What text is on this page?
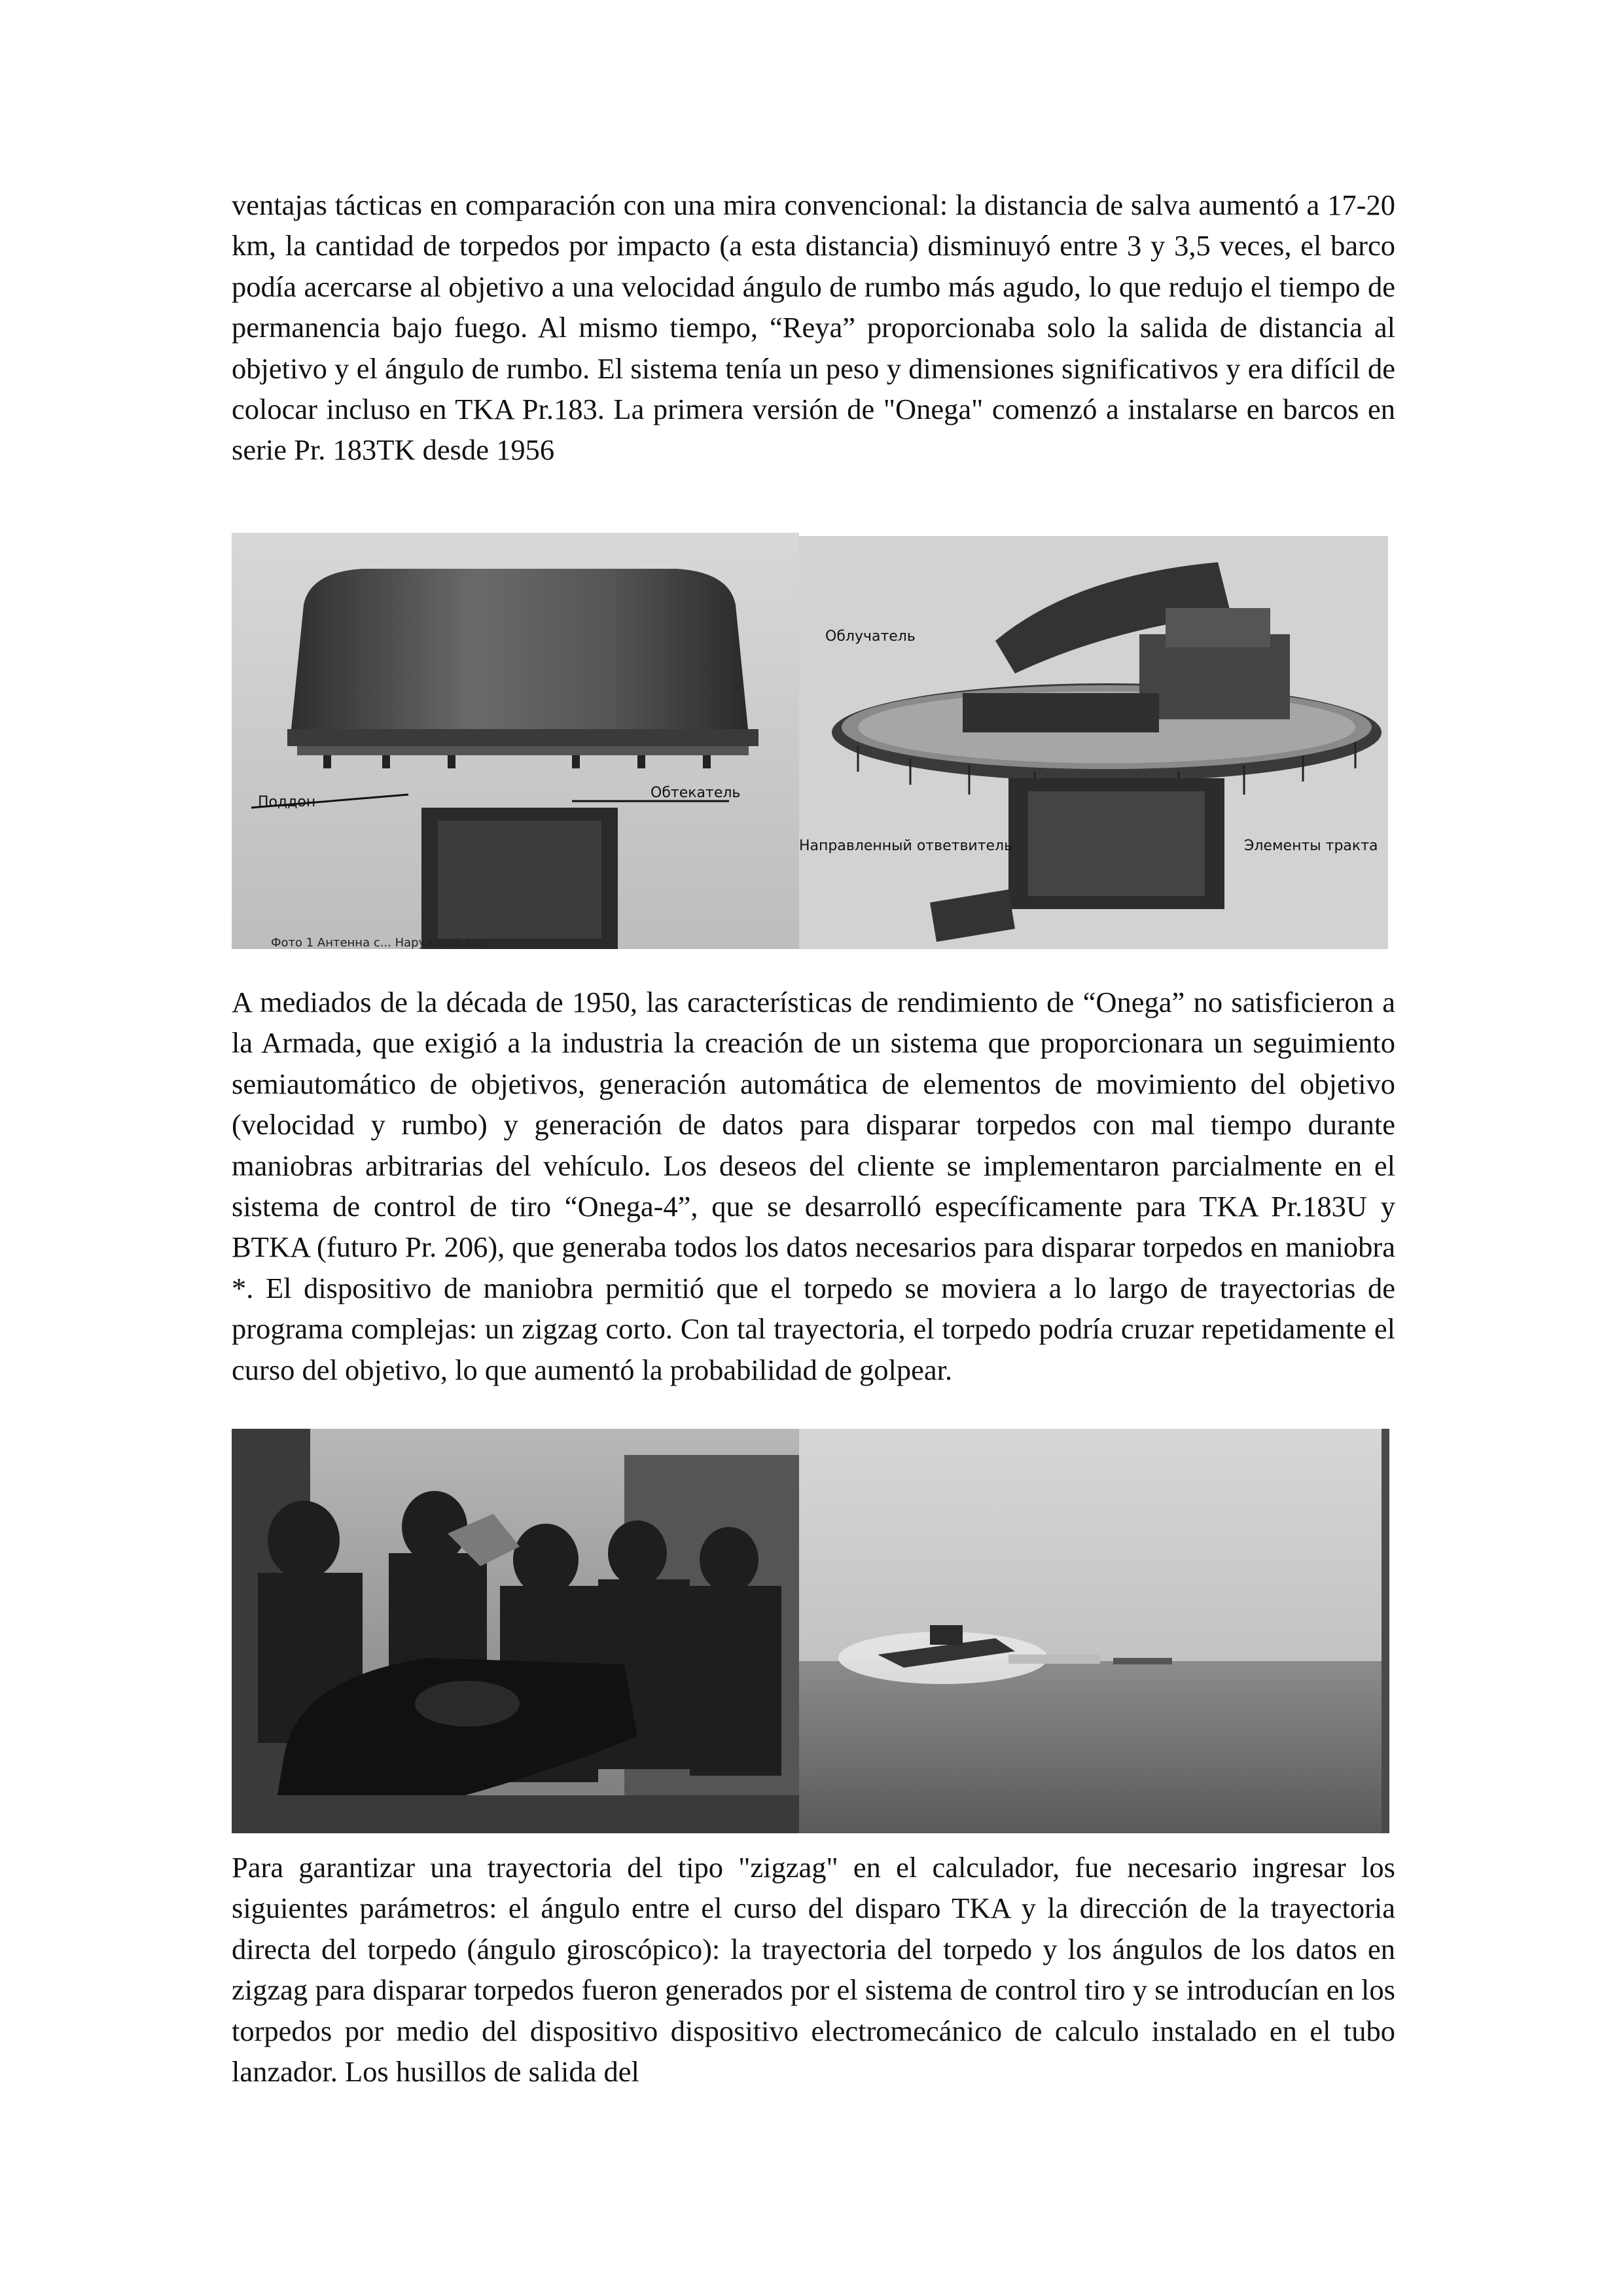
ventajas tácticas en comparación con una mira convencional: la distancia de salva aumentó a 17-20 km, la cantidad de torpedos por impacto (a esta distancia) disminuyó entre 3 y 3,5 veces, el barco podía acercarse al objetivo a una velocidad ángulo de rumbo más agudo, lo que redujo el tiempo de permanencia bajo fuego. Al mismo tiempo, “Reya” proporcionaba solo la salida de distancia al objetivo y el ángulo de rumbo. El sistema tenía un peso y dimensiones significativos y era difícil de colocar incluso en TKA Pr.183. La primera versión de "Onega" comenzó a instalarse en barcos en serie Pr. 183TK desde 1956

Поддон
Обтекатель
Фото 1 Антенна с... Наружный вид
Облучатель
Направленный ответвитель	Элементы тракта

A mediados de la década de 1950, las características de rendimiento de “Onega” no satisficieron a la Armada, que exigió a la industria la creación de un sistema que proporcionara un seguimiento semiautomático de objetivos, generación automática de elementos de movimiento del objetivo (velocidad y rumbo) y generación de datos para disparar torpedos con mal tiempo durante maniobras arbitrarias del vehículo. Los deseos del cliente se implementaron parcialmente en el sistema de control de tiro “Onega-4”, que se desarrolló específicamente para TKA Pr.183U y BTKA (futuro Pr. 206), que generaba todos los datos necesarios para disparar torpedos en maniobra *. El dispositivo de maniobra permitió que el torpedo se moviera a lo largo de trayectorias de programa complejas: un zigzag corto. Con tal trayectoria, el torpedo podría cruzar repetidamente el curso del objetivo, lo que aumentó la probabilidad de golpear.

Para garantizar una trayectoria del tipo "zigzag" en el calculador, fue necesario ingresar los siguientes parámetros: el ángulo entre el curso del disparo TKA y la dirección de la trayectoria directa del torpedo (ángulo giroscópico): la trayectoria del torpedo y los ángulos de los datos en zigzag para disparar torpedos fueron generados por el sistema de control tiro y se introducían en los torpedos por medio del dispositivo dispositivo electromecánico de calculo instalado en el tubo lanzador. Los husillos de salida del
